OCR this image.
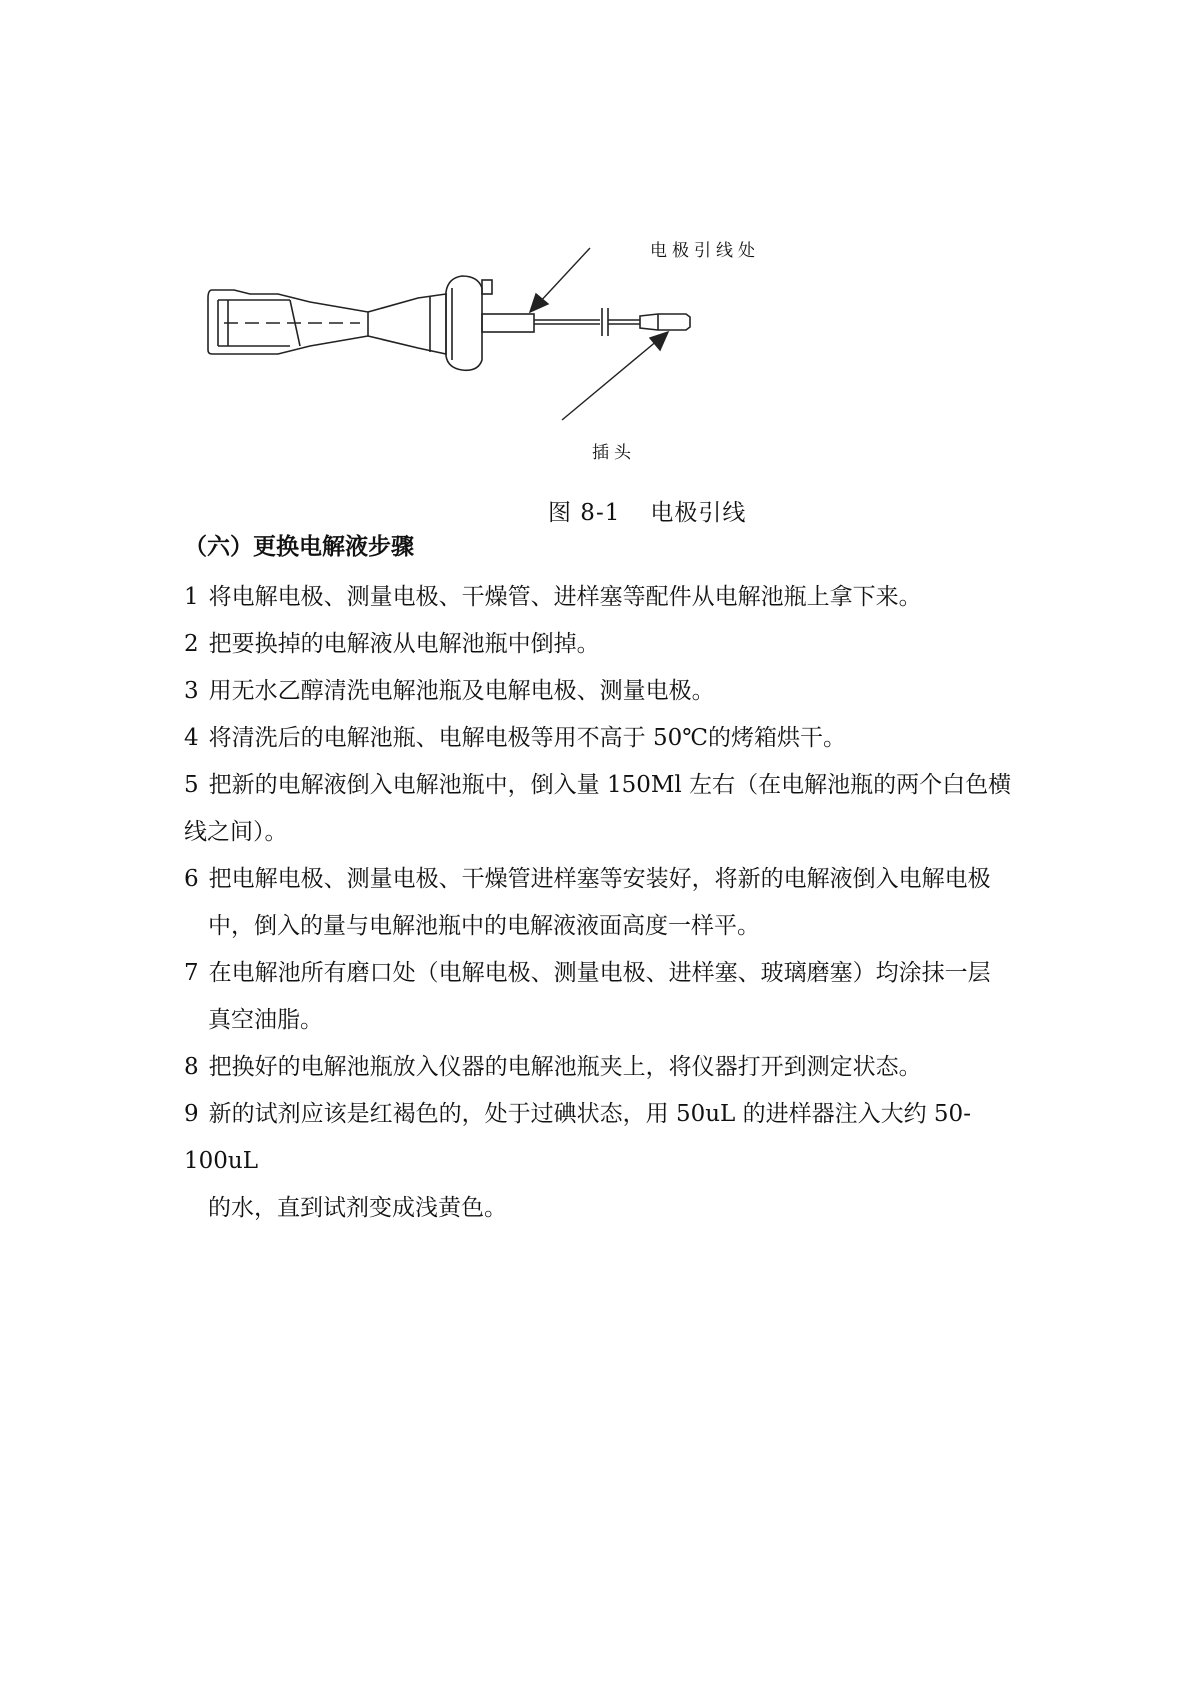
电极引线处
插头
图 8-1 电极引线
（六）更换电解液步骤

1 将电解电极、测量电极、干燥管、进样塞等配件从电解池瓶上拿下来。

2 把要换掉的电解液从电解池瓶中倒掉。

3 用无水乙醇清洗电解池瓶及电解电极、测量电极。

4 将清洗后的电解池瓶、电解电极等用不高于 50℃的烤箱烘干。

5 把新的电解液倒入电解池瓶中，倒入量 150Ml 左右（在电解池瓶的两个白色横
线之间）。

6 把电解电极、测量电极、干燥管进样塞等安装好，将新的电解液倒入电解电极
中，倒入的量与电解池瓶中的电解液液面高度一样平。

7 在电解池所有磨口处（电解电极、测量电极、进样塞、玻璃磨塞）均涂抹一层
真空油脂。

8 把换好的电解池瓶放入仪器的电解池瓶夹上，将仪器打开到测定状态。

9 新的试剂应该是红褐色的，处于过碘状态，用 50uL 的进样器注入大约 50-100uL
的水，直到试剂变成浅黄色。
